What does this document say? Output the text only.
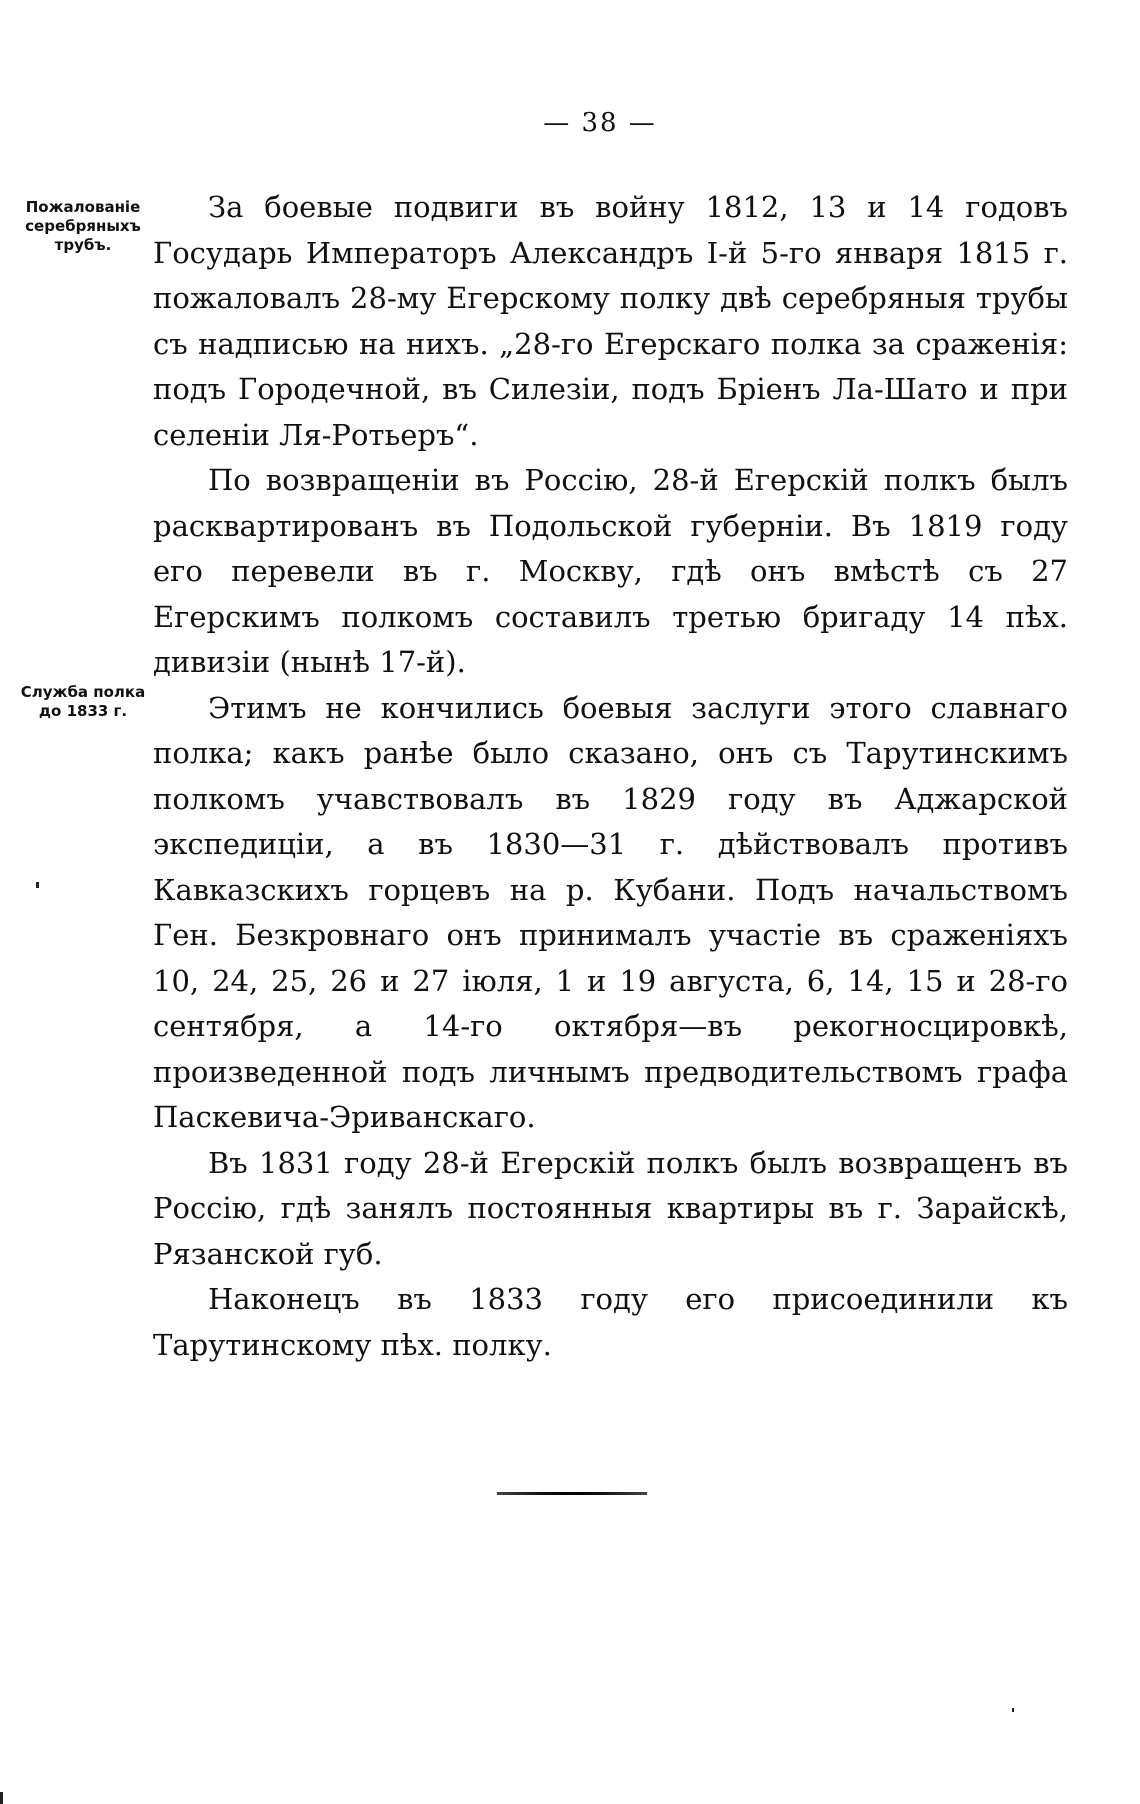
— 38 —
Пожалованіе серебряныхъ трубъ.
Служба полка до 1833 г.

За боевые подвиги въ войну 1812, 13 и 14 годовъ Государь Императоръ Александръ I-й 5-го января 1815 г. пожаловалъ 28-му Егерскому полку двѣ серебряныя трубы съ надписью на нихъ. „28-го Егерскаго полка за сраженія: подъ Городечной, въ Силезіи, подъ Бріенъ Ла-Шато и при селеніи Ля-Ротьеръ“.

По возвращеніи въ Россію, 28-й Егерскій полкъ былъ расквартированъ въ Подольской губерніи. Въ 1819 году его перевели въ г. Москву, гдѣ онъ вмѣстѣ съ 27 Егерскимъ полкомъ составилъ третью бригаду 14 пѣх. дивизіи (нынѣ 17-й).

Этимъ не кончились боевыя заслуги этого славнаго полка; какъ ранѣе было сказано, онъ съ Тарутинскимъ полкомъ учавствовалъ въ 1829 году въ Аджарской экспедиціи, а въ 1830—31 г. дѣйствовалъ противъ Кавказскихъ горцевъ на р. Кубани. Подъ начальствомъ Ген. Безкровнаго онъ принималъ участіе въ сраженіяхъ 10, 24, 25, 26 и 27 іюля, 1 и 19 августа, 6, 14, 15 и 28-го сентября, а 14-го октября—въ рекогносцировкѣ, произведенной подъ личнымъ предводительствомъ графа Паскевича-Эриванскаго.

Въ 1831 году 28-й Егерскій полкъ былъ возвращенъ въ Россію, гдѣ занялъ постоянныя квартиры въ г. Зарайскѣ, Рязанской губ.

Наконецъ въ 1833 году его присоединили къ Тарутинскому пѣх. полку.
